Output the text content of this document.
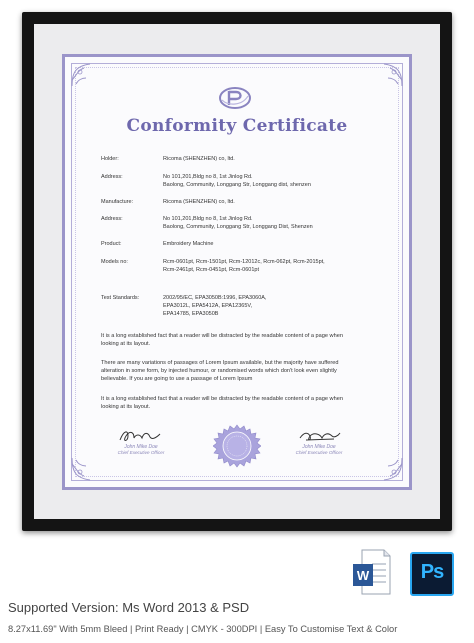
Conformity Certificate
Holder:	Ricoma (SHENZHEN) co, ltd.
Address:	No 101,201,Bldg no 8, 1st Jinlog Rd.
Baolong, Community, Longgang Str, Longgang dist, shenzen
Manufacture:	Ricoma (SHENZHEN) co, ltd.
Address:	No 101,201,Bldg no 8, 1st Jinlog Rd.
Baolong, Community, Longgang Str, Longgang Dist, Shenzen
Product:	Embroidery Machine
Models no:	Rcm-0601pt, Rcm-1501pt, Rcm-12012c, Rcm-062pt, Rcm-2015pt,
Rcm-2461pt, Rcm-0451pt, Rcm-0601pt
Test Standards:	2002/95/EC, EPA3050B:1996, EPA3060A,
EPA3012L, EPA5412A, EPA12365V,
EPA14785, EPA3050B
It is a long established fact that a reader will be distracted by the readable content of a page when looking at its layout.
There are many variations of passages of Lorem Ipsum available, but the majority have suffered alteration in some form, by injected humour, or randomised words which don't look even slightly believable. If you are going to use a passage of Lorem Ipsum
It is a long established fact that a reader will be distracted by the readable content of a page when looking at its layout.
John Mike Doe
Chief Executive Officer
John Mike Doe
Chief Executive Officer
W	Ps
Supported Version: Ms Word 2013 & PSD
8.27x11.69" With 5mm Bleed | Print Ready | CMYK - 300DPI | Easy To Customise Text & Color
